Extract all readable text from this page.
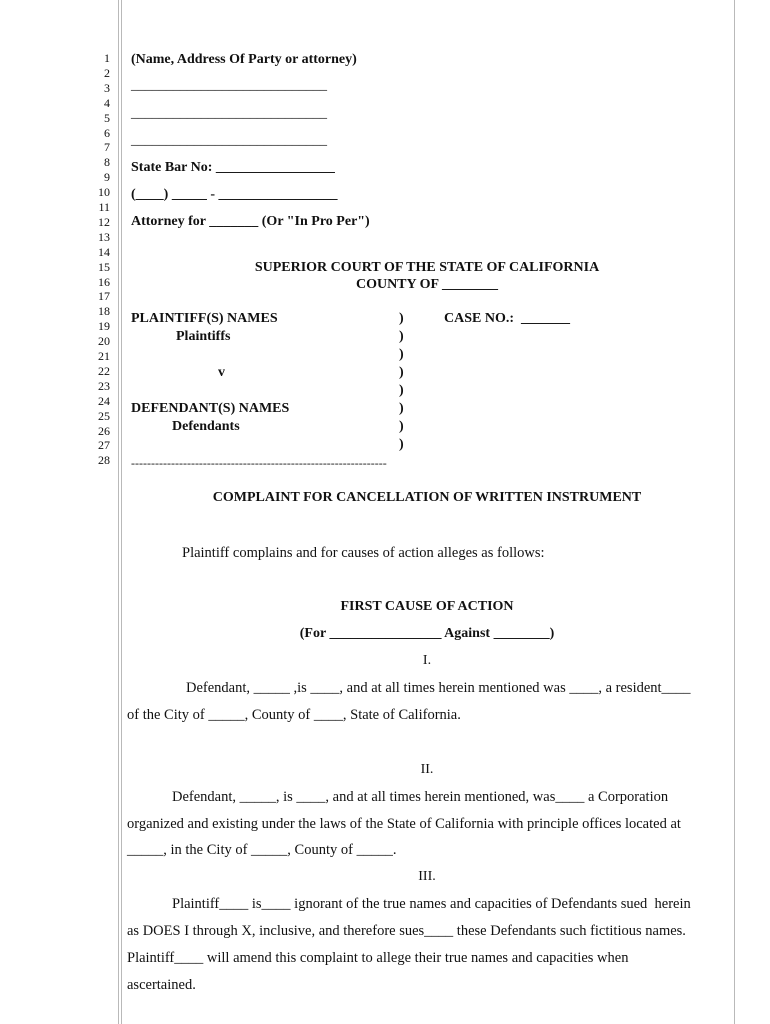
1
2
3
4
5
6
7
8
9
10
11
12
13
14
15
16
17
18
19
20
21
22
23
24
25
26
27
28
(Name, Address Of Party or attorney)
____________________________
____________________________
____________________________
State Bar No: _________________
(____) _____ - _________________
Attorney for _______ (Or "In Pro Per")
SUPERIOR COURT OF THE STATE OF CALIFORNIA
COUNTY OF ________
PLAINTIFF(S) NAMES
Plaintiffs
v
DEFENDANT(S) NAMES
Defendants
)
)
)
)
)
)
)
)
CASE NO.:  _______
----------------------------------------------------------------
COMPLAINT FOR CANCELLATION OF WRITTEN INSTRUMENT
Plaintiff complains and for causes of action alleges as follows:
FIRST CAUSE OF ACTION
(For ________________ Against ________)
I.
Defendant, _____ ,is ____, and at all times herein mentioned was ____, a resident____
of the City of _____, County of ____, State of California.
II.
Defendant, _____, is ____, and at all times herein mentioned, was____ a Corporation
organized and existing under the laws of the State of California with principle offices located at
_____, in the City of _____, County of _____.
III.
Plaintiff____ is____ ignorant of the true names and capacities of Defendants sued  herein
as DOES I through X, inclusive, and therefore sues____ these Defendants such fictitious names.
Plaintiff____ will amend this complaint to allege their true names and capacities when
ascertained.
